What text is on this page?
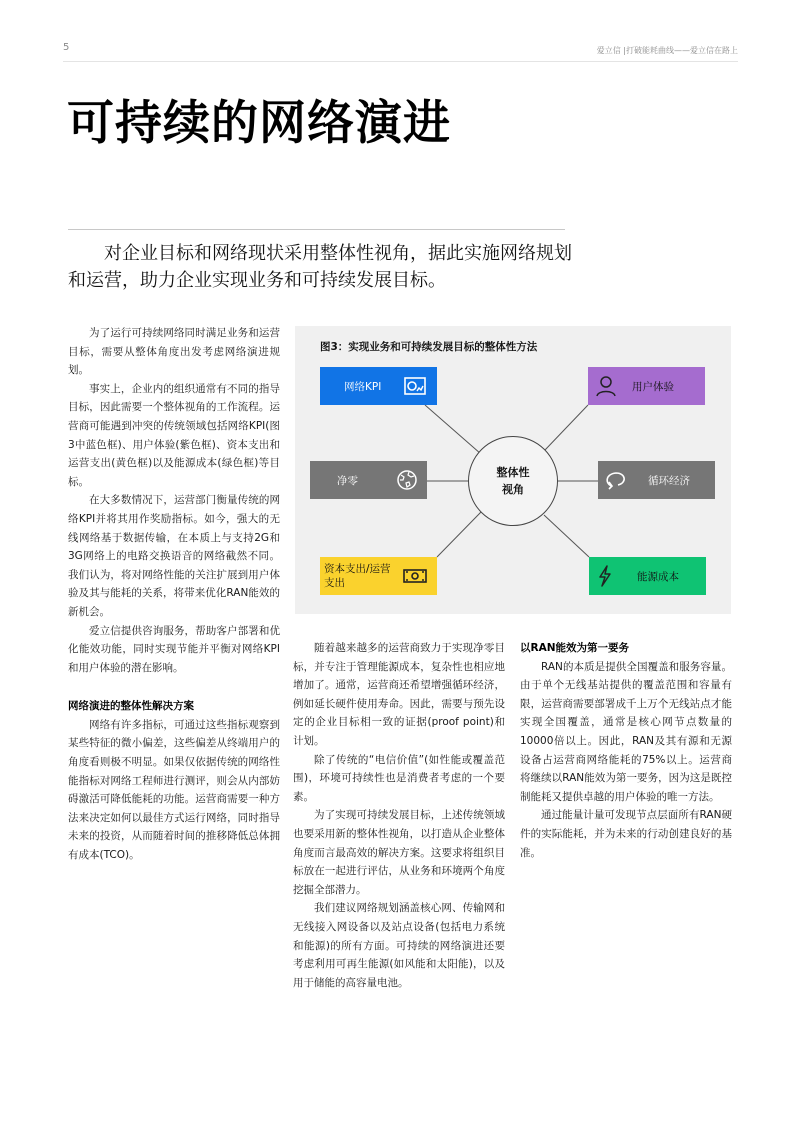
5	爱立信 |打破能耗曲线——爱立信在路上
可持续的网络演进

对企业目标和网络现状采用整体性视角，据此实施网络规划和运营，助力企业实现业务和可持续发展目标。

为了运行可持续网络同时满足业务和运营目标，需要从整体角度出发考虑网络演进规划。

事实上，企业内的组织通常有不同的指导目标，因此需要一个整体视角的工作流程。运营商可能遇到冲突的传统领域包括网络KPI(图3中蓝色框)、用户体验(紫色框)、资本支出和运营支出(黄色框)以及能源成本(绿色框)等目标。

在大多数情况下，运营部门衡量传统的网络KPI并将其用作奖励指标。如今，强大的无线网络基于数据传输，在本质上与支持2G和3G网络上的电路交换语音的网络截然不同。我们认为，将对网络性能的关注扩展到用户体验及其与能耗的关系，将带来优化RAN能效的新机会。

爱立信提供咨询服务，帮助客户部署和优化能效功能，同时实现节能并平衡对网络KPI和用户体验的潜在影响。

网络演进的整体性解决方案

网络有许多指标，可通过这些指标观察到某些特征的微小偏差，这些偏差从终端用户的角度看则极不明显。如果仅依据传统的网络性能指标对网络工程师进行测评，则会从内部妨碍激活可降低能耗的功能。运营商需要一种方法来决定如何以最佳方式运行网络，同时指导未来的投资，从而随着时间的推移降低总体拥有成本(TCO)。

图3：实现业务和可持续发展目标的整体性方法
整体性视角
网络KPI	用户体验
净零	循环经济
资本支出/运营支出
能源成本

随着越来越多的运营商致力于实现净零目标，并专注于管理能源成本，复杂性也相应地增加了。通常，运营商还希望增强循环经济，例如延长硬件使用寿命。因此，需要与预先设定的企业目标相一致的证据(proof point)和计划。

除了传统的“电信价值”(如性能或覆盖范围)，环境可持续性也是消费者考虑的一个要素。

为了实现可持续发展目标，上述传统领域也要采用新的整体性视角，以打造从企业整体角度而言最高效的解决方案。这要求将组织目标放在一起进行评估，从业务和环境两个角度挖掘全部潜力。

我们建议网络规划涵盖核心网、传输网和无线接入网设备以及站点设备(包括电力系统和能源)的所有方面。可持续的网络演进还要考虑利用可再生能源(如风能和太阳能)，以及用于储能的高容量电池。

以RAN能效为第一要务

RAN的本质是提供全国覆盖和服务容量。由于单个无线基站提供的覆盖范围和容量有限，运营商需要部署成千上万个无线站点才能实现全国覆盖，通常是核心网节点数量的10000倍以上。因此，RAN及其有源和无源设备占运营商网络能耗的75%以上。运营商将继续以RAN能效为第一要务，因为这是既控制能耗又提供卓越的用户体验的唯一方法。

通过能量计量可发现节点层面所有RAN硬件的实际能耗，并为未来的行动创建良好的基准。
